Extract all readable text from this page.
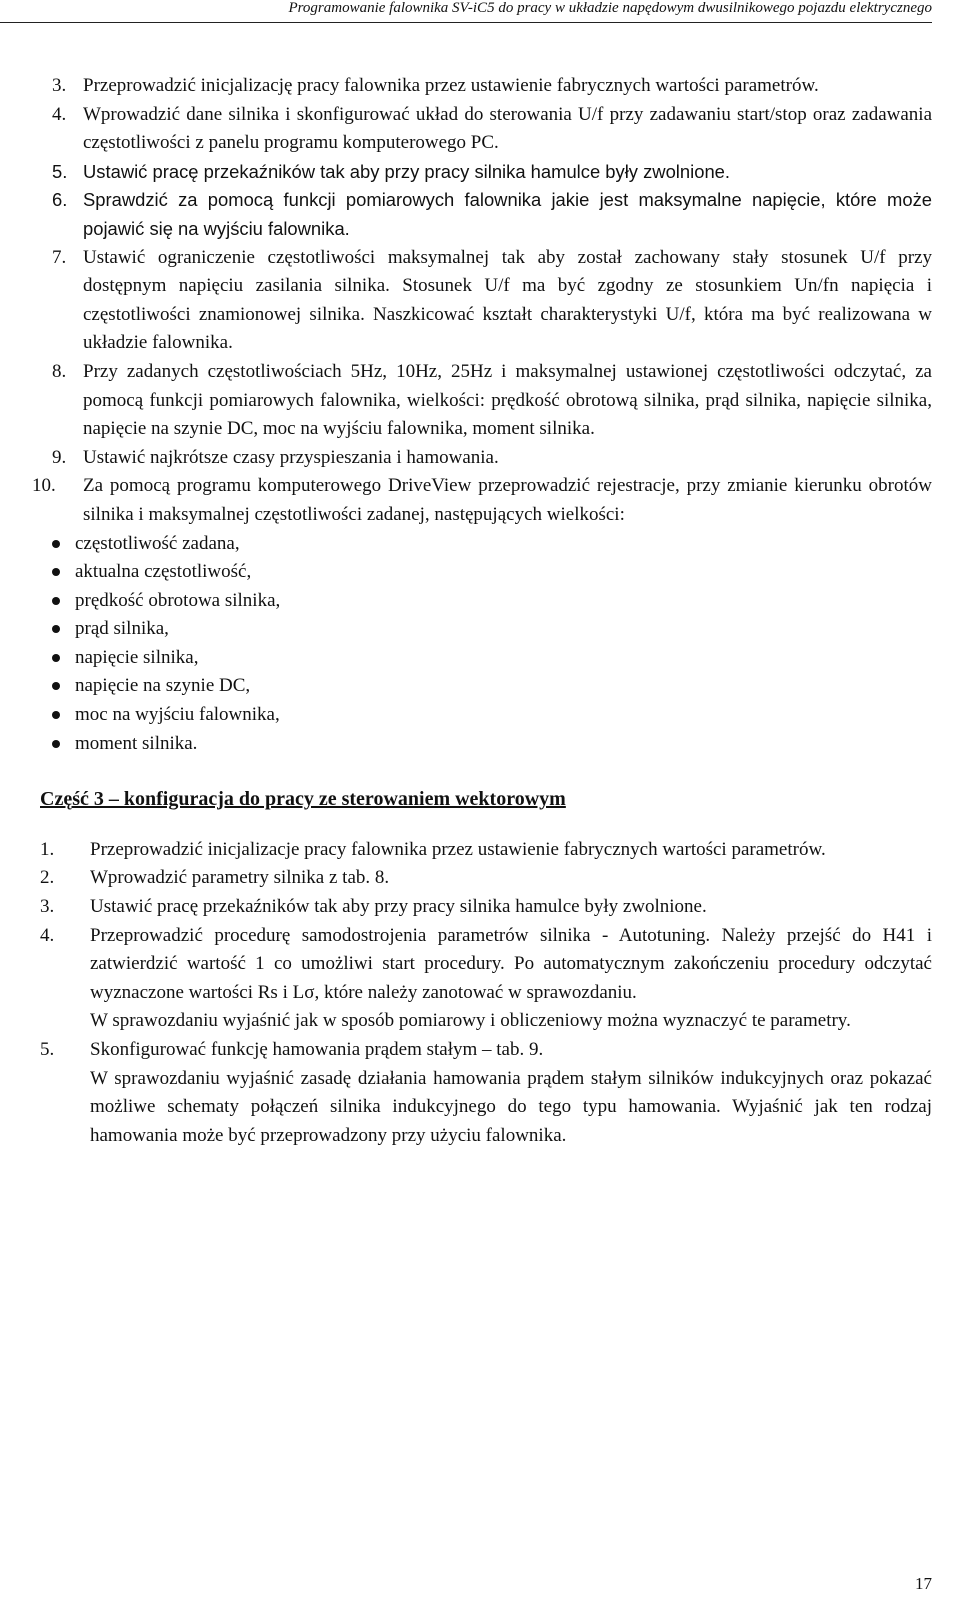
Programowanie falownika SV-iC5 do pracy w układzie napędowym dwusilnikowego pojazdu elektrycznego
3. Przeprowadzić inicjalizację pracy falownika przez ustawienie fabrycznych wartości parametrów.
4. Wprowadzić dane silnika i skonfigurować układ do sterowania U/f przy zadawaniu start/stop oraz zadawania częstotliwości z panelu programu komputerowego PC.
5. Ustawić pracę przekaźników tak aby przy pracy silnika hamulce były zwolnione.
6. Sprawdzić za pomocą funkcji pomiarowych falownika jakie jest maksymalne napięcie, które może pojawić się na wyjściu falownika.
7. Ustawić ograniczenie częstotliwości maksymalnej tak aby został zachowany stały stosunek U/f przy dostępnym napięciu zasilania silnika. Stosunek U/f ma być zgodny ze stosunkiem Un/fn napięcia i częstotliwości znamionowej silnika. Naszkicować kształt charakterystyki U/f, która ma być realizowana w układzie falownika.
8. Przy zadanych częstotliwościach 5Hz, 10Hz, 25Hz i maksymalnej ustawionej częstotliwości odczytać, za pomocą funkcji pomiarowych falownika, wielkości: prędkość obrotową silnika, prąd silnika, napięcie silnika, napięcie na szynie DC, moc na wyjściu falownika, moment silnika.
9. Ustawić najkrótsze czasy przyspieszania i hamowania.
10.	Za pomocą programu komputerowego DriveView przeprowadzić rejestracje, przy zmianie kierunku obrotów silnika i maksymalnej częstotliwości zadanej, następujących wielkości:
częstotliwość zadana,
aktualna częstotliwość,
prędkość obrotowa silnika,
prąd silnika,
napięcie silnika,
napięcie na szynie DC,
moc na wyjściu falownika,
moment silnika.
Część 3 – konfiguracja do pracy ze sterowaniem wektorowym
1.	Przeprowadzić inicjalizacje pracy falownika przez ustawienie fabrycznych wartości parametrów.
2.	Wprowadzić parametry silnika z tab. 8.
3.	Ustawić pracę przekaźników tak aby przy pracy silnika hamulce były zwolnione.
4.	Przeprowadzić procedurę samodostrojenia parametrów silnika - Autotuning. Należy przejść do H41 i zatwierdzić wartość 1 co umożliwi start procedury. Po automatycznym zakończeniu procedury odczytać wyznaczone wartości Rs i Lσ, które należy zanotować w sprawozdaniu.
W sprawozdaniu wyjaśnić jak w sposób pomiarowy i obliczeniowy można wyznaczyć te parametry.
5.	Skonfigurować funkcję hamowania prądem stałym – tab. 9.
W sprawozdaniu wyjaśnić zasadę działania hamowania prądem stałym silników indukcyjnych oraz pokazać możliwe schematy połączeń silnika indukcyjnego do tego typu hamowania. Wyjaśnić jak ten rodzaj hamowania może być przeprowadzony przy użyciu falownika.
17
